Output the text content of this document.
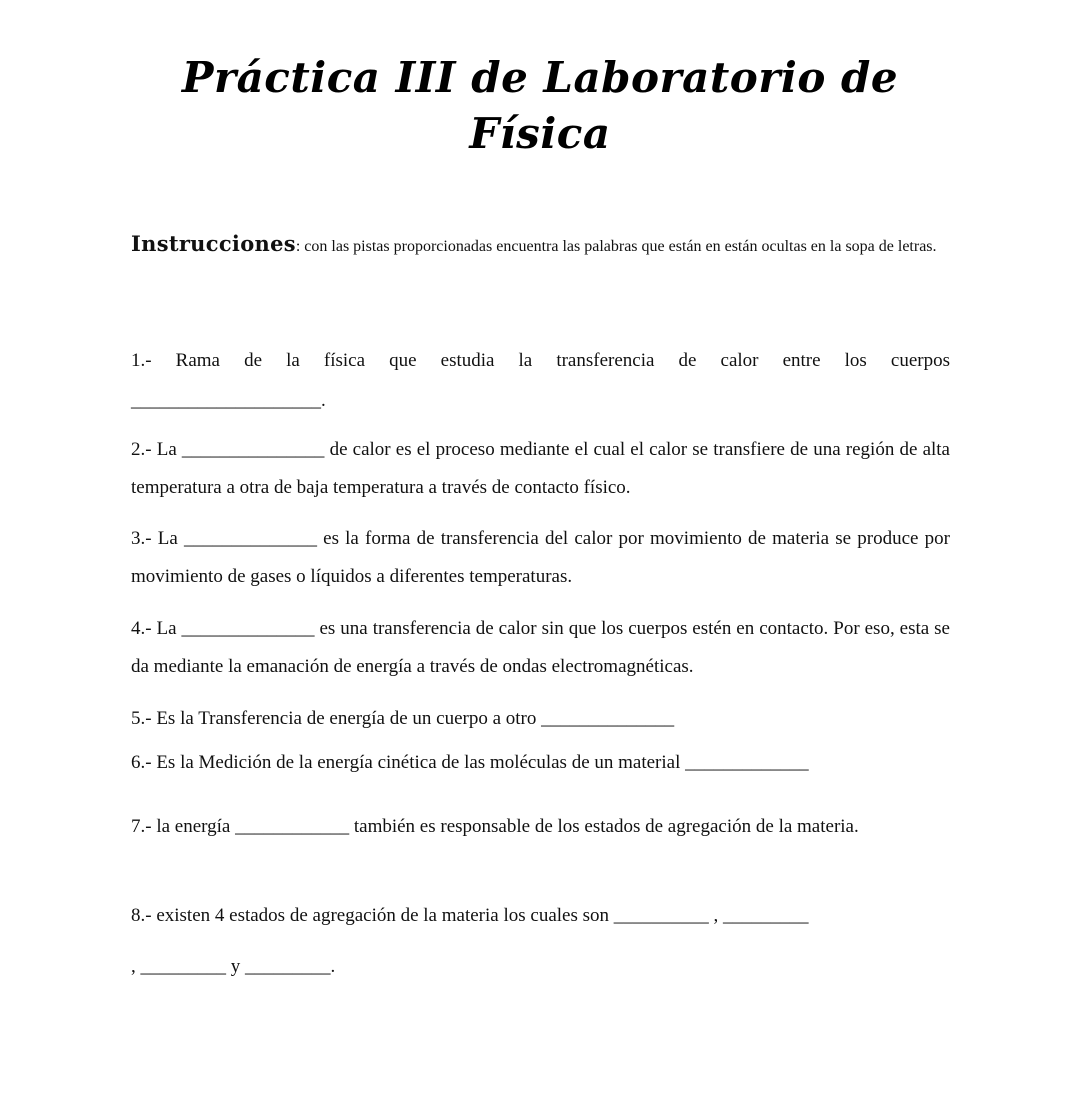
Práctica III de Laboratorio de
Física
Instrucciones: con las pistas proporcionadas encuentra las palabras que están en están ocultas en la sopa de letras.
1.- Rama de la física que estudia la transferencia de calor entre los cuerpos
____________________.
2.- La _______________ de calor es el proceso mediante el cual el calor se transfiere de una región de alta temperatura a otra de baja temperatura a través de contacto físico.
3.- La ______________ es la forma de transferencia del calor por movimiento de materia se produce por movimiento de gases o líquidos a diferentes temperaturas.
4.- La ______________ es una transferencia de calor sin que los cuerpos estén en contacto. Por eso, esta se da mediante la emanación de energía a través de ondas electromagnéticas.
5.- Es la Transferencia de energía de un cuerpo a otro ______________
6.- Es la Medición de la energía cinética de las moléculas de un material _____________
7.- la energía ____________ también es responsable de los estados de agregación de la materia.
8.- existen 4 estados de agregación de la materia los cuales son __________ , _________
, _________ y _________.
